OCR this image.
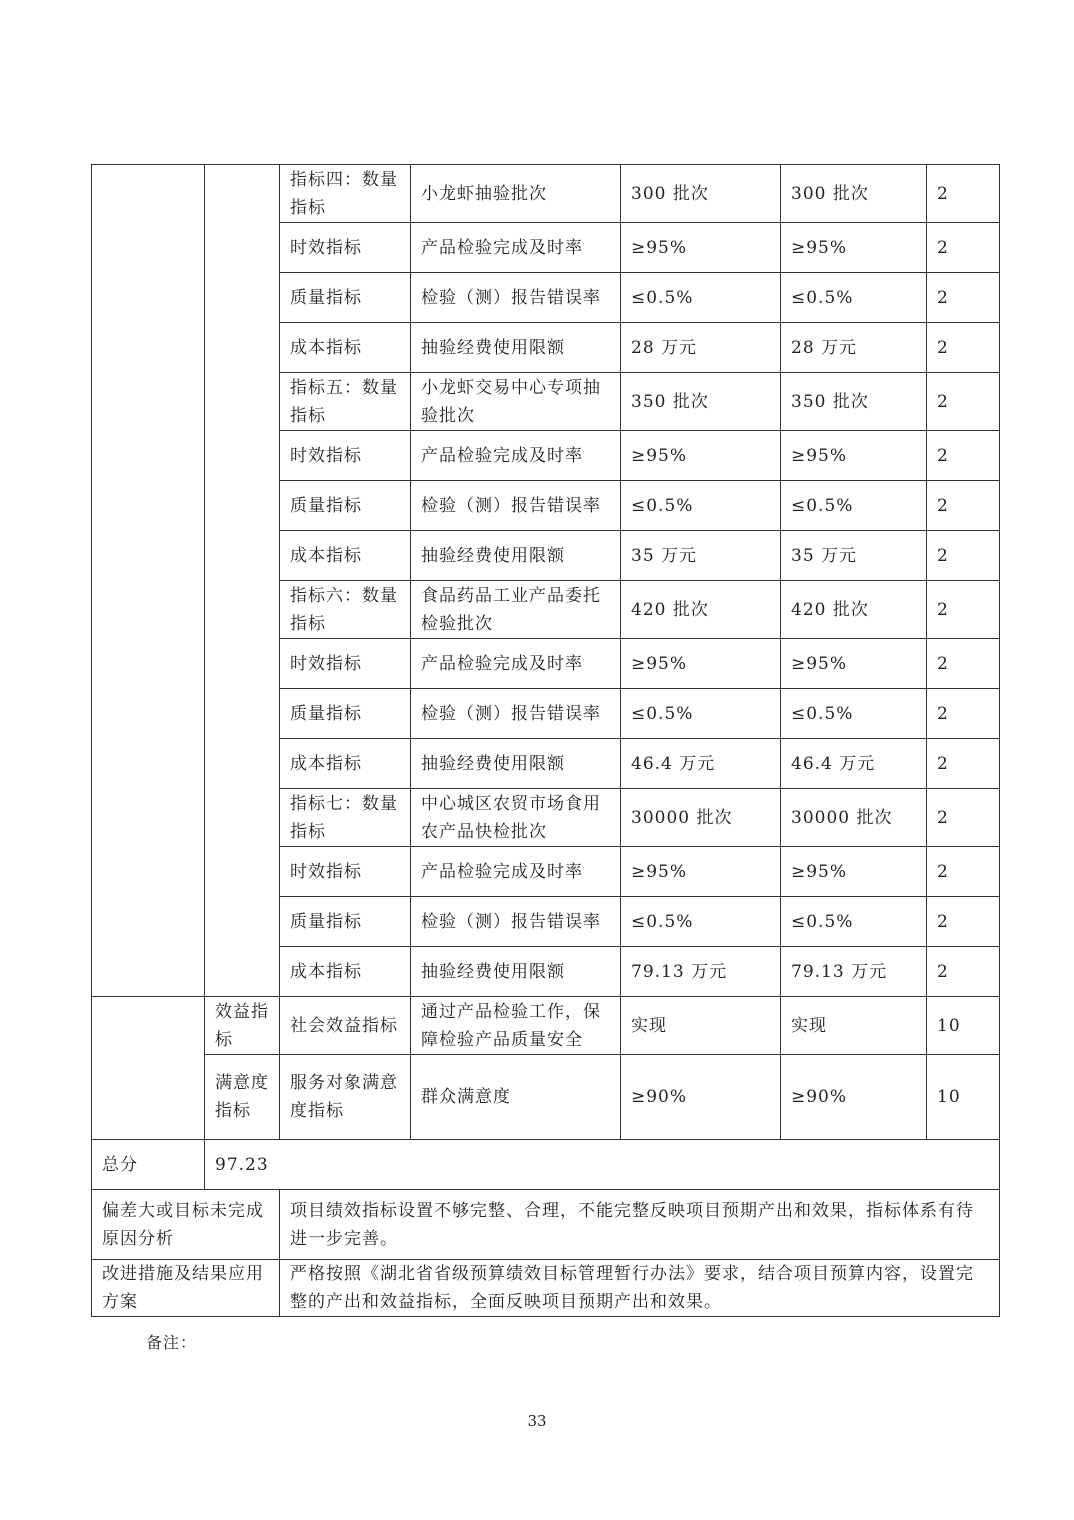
		指标四：数量指标	小龙虾抽验批次	300 批次	300 批次	2
		时效指标	产品检验完成及时率	≥95%	≥95%	2
		质量指标	检验（测）报告错误率	≤0.5%	≤0.5%	2
		成本指标	抽验经费使用限额	28 万元	28 万元	2
		指标五：数量指标	小龙虾交易中心专项抽验批次	350 批次	350 批次	2
		时效指标	产品检验完成及时率	≥95%	≥95%	2
		质量指标	检验（测）报告错误率	≤0.5%	≤0.5%	2
		成本指标	抽验经费使用限额	35 万元	35 万元	2
		指标六：数量指标	食品药品工业产品委托检验批次	420 批次	420 批次	2
		时效指标	产品检验完成及时率	≥95%	≥95%	2
		质量指标	检验（测）报告错误率	≤0.5%	≤0.5%	2
		成本指标	抽验经费使用限额	46.4 万元	46.4 万元	2
		指标七：数量指标	中心城区农贸市场食用农产品快检批次	30000 批次	30000 批次	2
		时效指标	产品检验完成及时率	≥95%	≥95%	2
		质量指标	检验（测）报告错误率	≤0.5%	≤0.5%	2
		成本指标	抽验经费使用限额	79.13 万元	79.13 万元	2
	效益指标	社会效益指标	通过产品检验工作，保障检验产品质量安全	实现	实现	10
	满意度指标	服务对象满意度指标	群众满意度	≥90%	≥90%	10
总分	97.23					
偏差大或目标未完成原因分析		项目绩效指标设置不够完整、合理，不能完整反映项目预期产出和效果，指标体系有待进一步完善。				
改进措施及结果应用方案		严格按照《湖北省省级预算绩效目标管理暂行办法》要求，结合项目预算内容，设置完整的产出和效益指标，全面反映项目预期产出和效果。				
备注：
33
